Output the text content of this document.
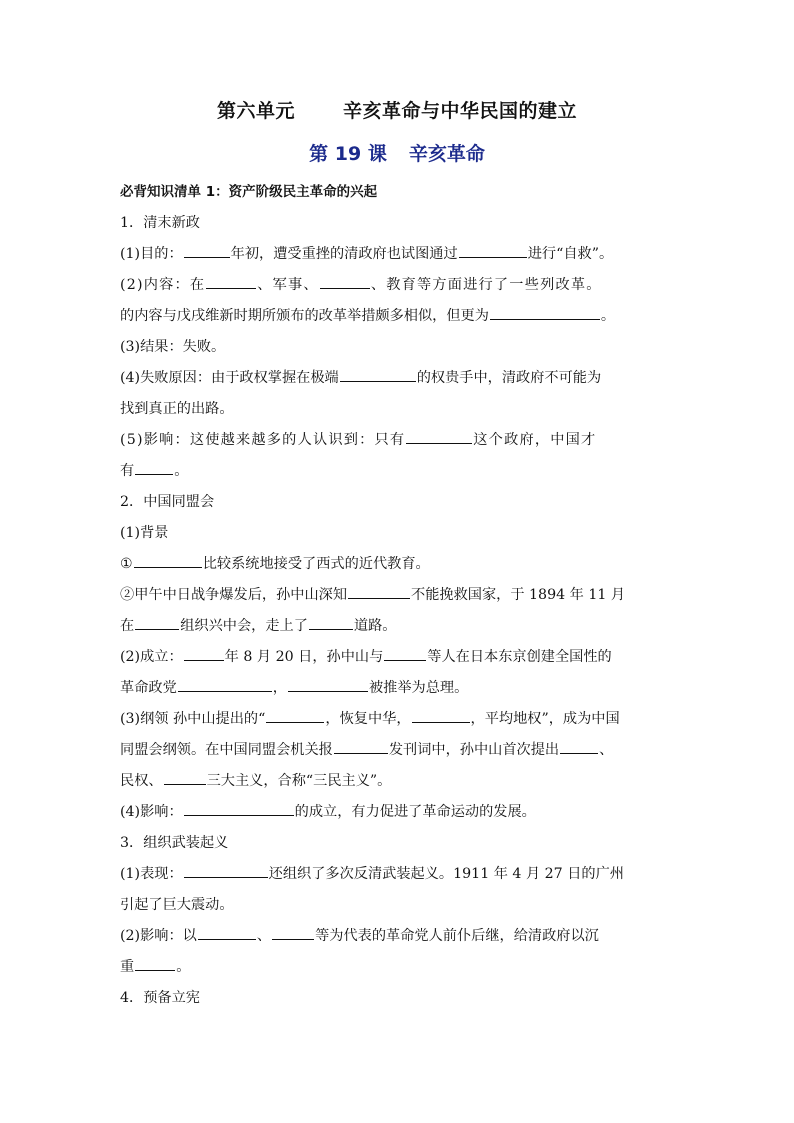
第六单元	辛亥革命与中华民国的建立
第 19 课 辛亥革命
必背知识清单 1：资产阶级民主革命的兴起
1．清末新政
(1)目的：	年初，遭受重挫的清政府也试图通过	进行“自救”。
(2)内容：在	、军事、	、教育等方面进行了一些列改革。
的内容与戊戌维新时期所颁布的改革举措颇多相似，但更为	。
(3)结果：失败。
(4)失败原因：由于政权掌握在极端	的权贵手中，清政府不可能为
找到真正的出路。
(5)影响：这使越来越多的人认识到：只有	这个政府，中国才
有	。
2．中国同盟会
(1)背景
①	比较系统地接受了西式的近代教育。
②甲午中日战争爆发后，孙中山深知	不能挽救国家，于 1894 年 11 月
在	组织兴中会，走上了	道路。
(2)成立：	年 8 月 20 日，孙中山与	等人在日本东京创建全国性的
革命政党	，	被推举为总理。
(3)纲领 孙中山提出的“	，恢复中华，	，平均地权”，成为中国
同盟会纲领。在中国同盟会机关报	发刊词中，孙中山首次提出	、
民权、	三大主义，合称“三民主义”。
(4)影响：	的成立，有力促进了革命运动的发展。
3．组织武装起义
(1)表现：	还组织了多次反清武装起义。1911 年 4 月 27 日的广州
引起了巨大震动。
(2)影响：以	、	等为代表的革命党人前仆后继，给清政府以沉
重	。
4．预备立宪
